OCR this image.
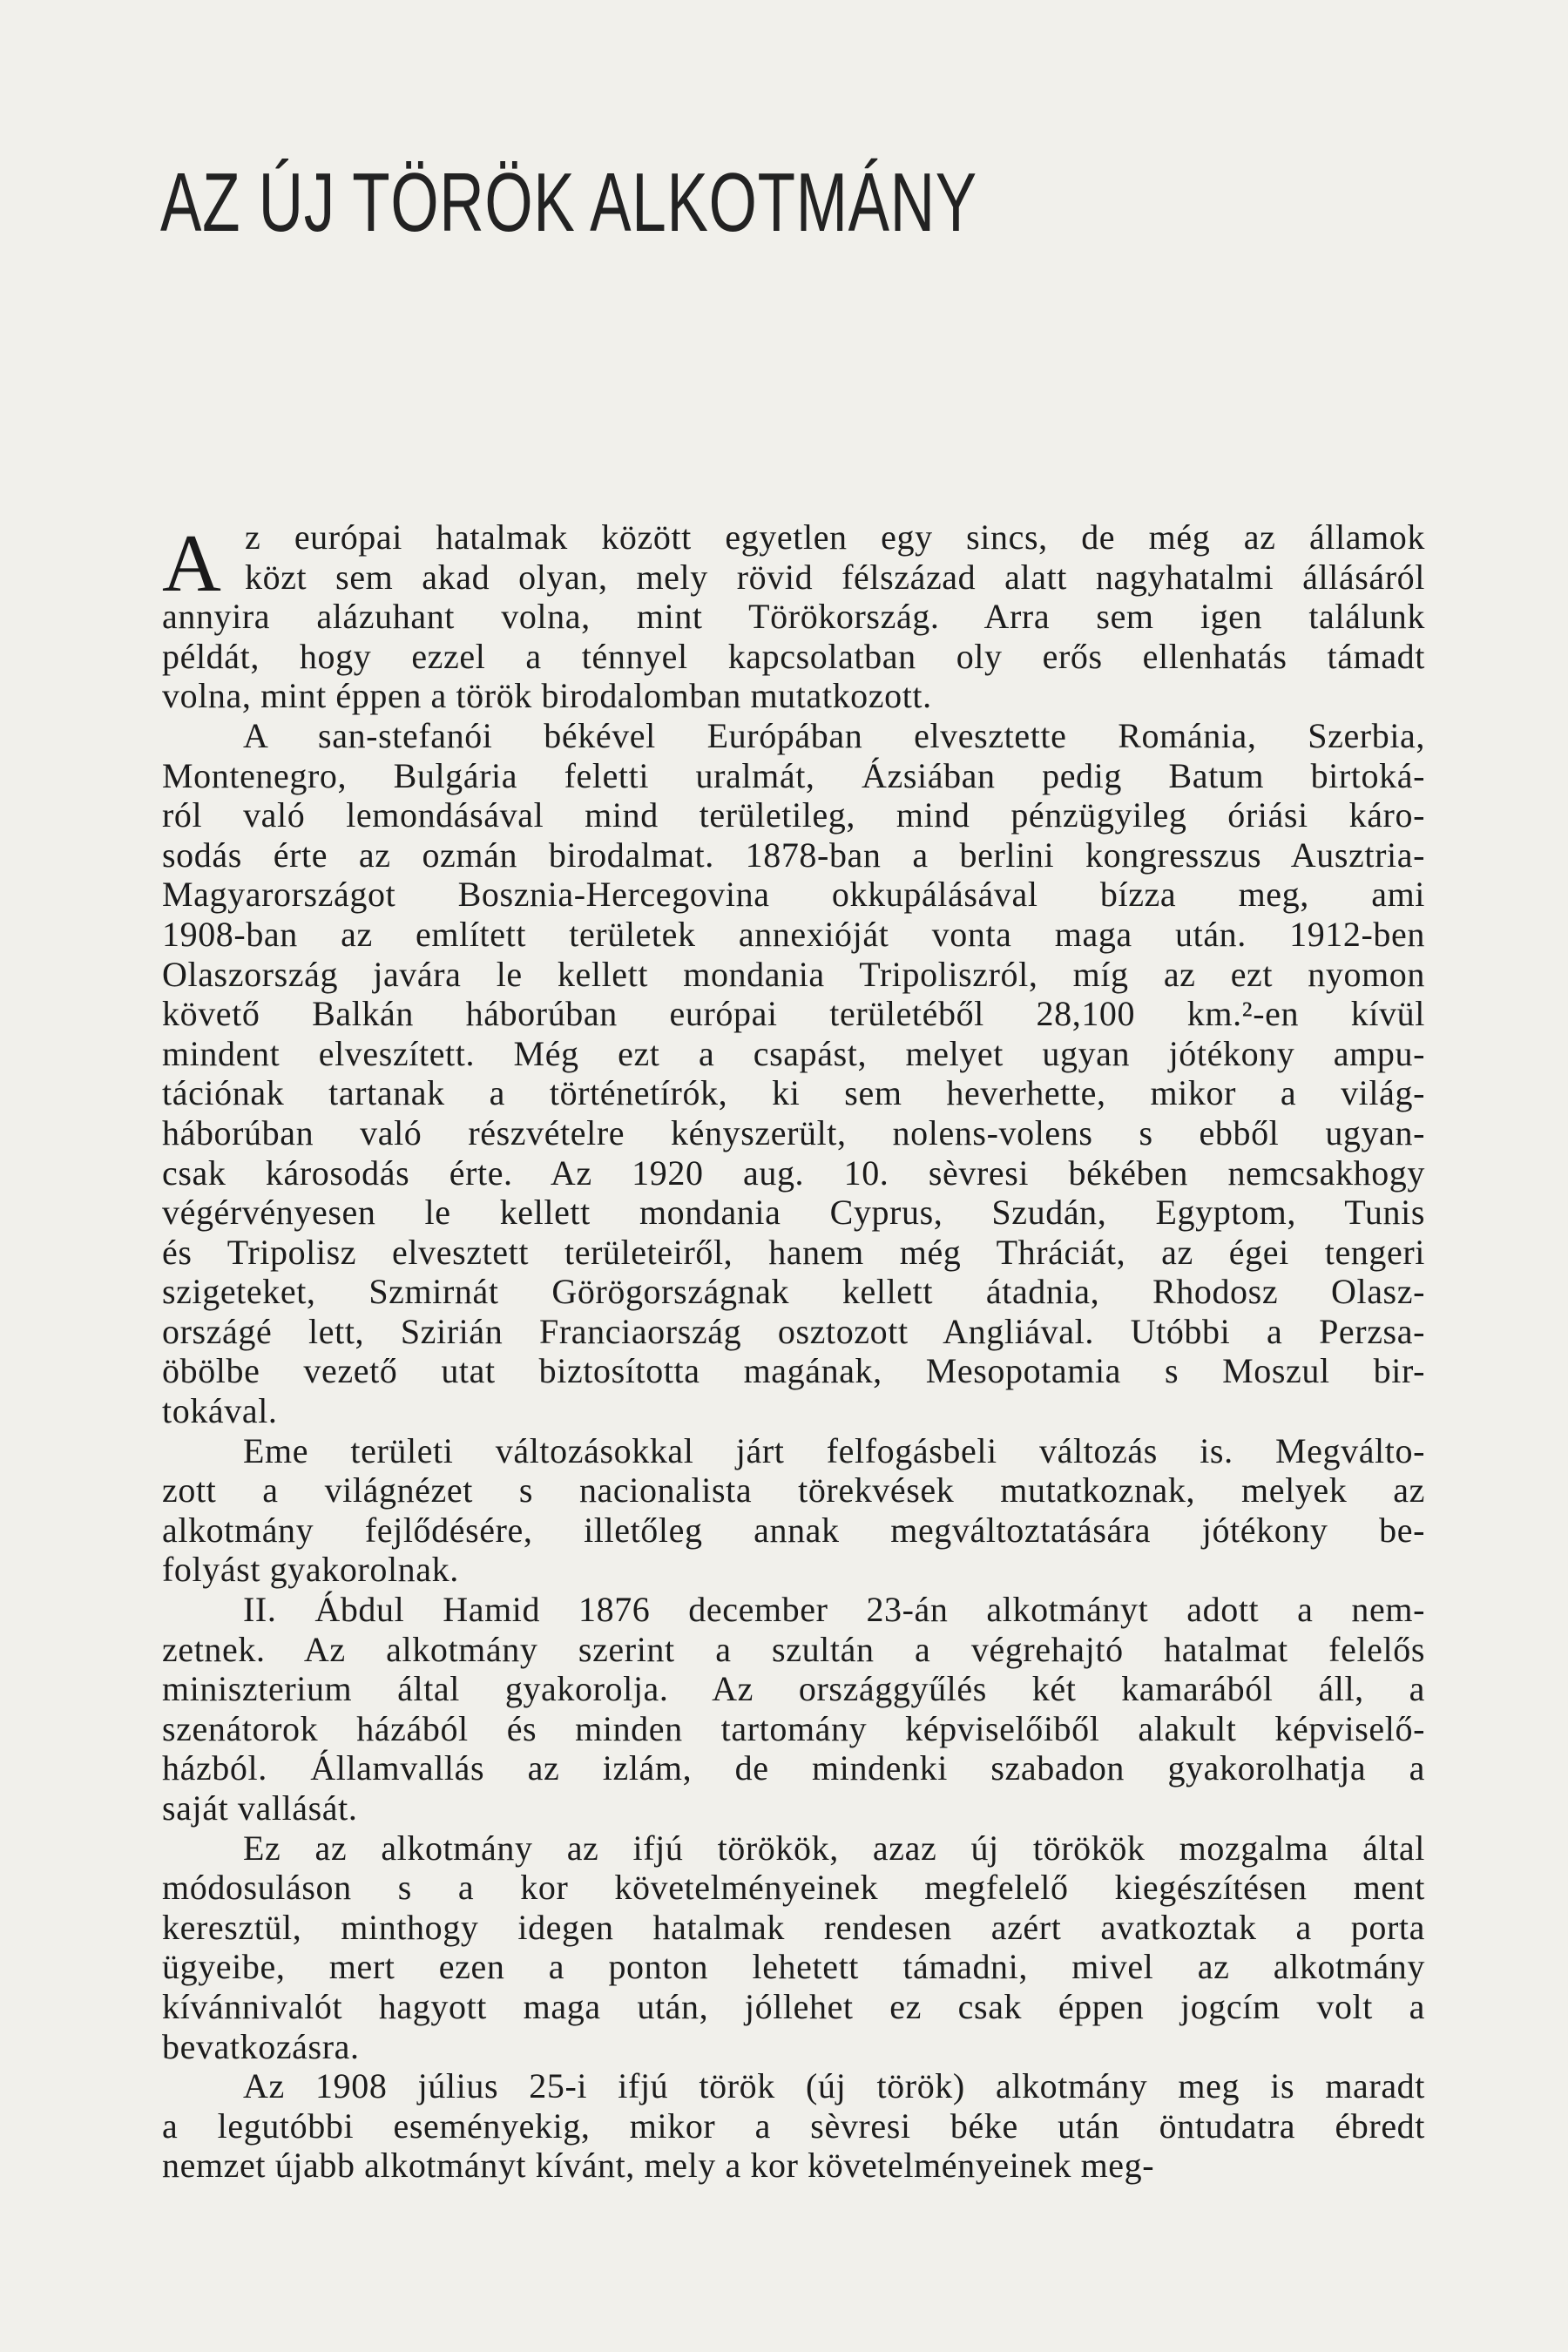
AZ ÚJ TÖRÖK ALKOTMÁNY
A z európai hatalmak között egyetlen egy sincs, de még az államok
közt sem akad olyan, mely rövid félszázad alatt nagyhatalmi állásáról
annyira alázuhant volna, mint Törökország. Arra sem igen találunk
példát, hogy ezzel a ténnyel kapcsolatban oly erős ellenhatás támadt
volna, mint éppen a török birodalomban mutatkozott.
A san-stefanói békével Európában elvesztette Románia, Szerbia,
Montenegro, Bulgária feletti uralmát, Ázsiában pedig Batum birtoká-
ról való lemondásával mind területileg, mind pénzügyileg óriási káro-
sodás érte az ozmán birodalmat. 1878-ban a berlini kongresszus Ausztria-
Magyarországot Bosznia-Hercegovina okkupálásával bízza meg, ami
1908-ban az említett területek annexióját vonta maga után. 1912-ben
Olaszország javára le kellett mondania Tripoliszról, míg az ezt nyomon
követő Balkán háborúban európai területéből 28,100 km.²-en kívül
mindent elveszített. Még ezt a csapást, melyet ugyan jótékony ampu-
tációnak tartanak a történetírók, ki sem heverhette, mikor a világ-
háborúban való részvételre kényszerült, nolens-volens s ebből ugyan-
csak károsodás érte. Az 1920 aug. 10. sèvresi békében nemcsakhogy
végérvényesen le kellett mondania Cyprus, Szudán, Egyptom, Tunis
és Tripolisz elvesztett területeiről, hanem még Thráciát, az égei tengeri
szigeteket, Szmirnát Görögországnak kellett átadnia, Rhodosz Olasz-
országé lett, Szirián Franciaország osztozott Angliával. Utóbbi a Perzsa-
öbölbe vezető utat biztosította magának, Mesopotamia s Moszul bir-
tokával.
Eme területi változásokkal járt felfogásbeli változás is. Megválto-
zott a világnézet s nacionalista törekvések mutatkoznak, melyek az
alkotmány fejlődésére, illetőleg annak megváltoztatására jótékony be-
folyást gyakorolnak.
II. Ábdul Hamid 1876 december 23-án alkotmányt adott a nem-
zetnek. Az alkotmány szerint a szultán a végrehajtó hatalmat felelős
miniszterium által gyakorolja. Az országgyűlés két kamarából áll, a
szenátorok házából és minden tartomány képviselőiből alakult képviselő-
házból. Államvallás az izlám, de mindenki szabadon gyakorolhatja a
saját vallását.
Ez az alkotmány az ifjú törökök, azaz új törökök mozgalma által
módosuláson s a kor követelményeinek megfelelő kiegészítésen ment
keresztül, minthogy idegen hatalmak rendesen azért avatkoztak a porta
ügyeibe, mert ezen a ponton lehetett támadni, mivel az alkotmány
kívánnivalót hagyott maga után, jóllehet ez csak éppen jogcím volt a
bevatkozásra.
Az 1908 július 25-i ifjú török (új török) alkotmány meg is maradt
a legutóbbi eseményekig, mikor a sèvresi béke után öntudatra ébredt
nemzet újabb alkotmányt kívánt, mely a kor követelményeinek meg-
